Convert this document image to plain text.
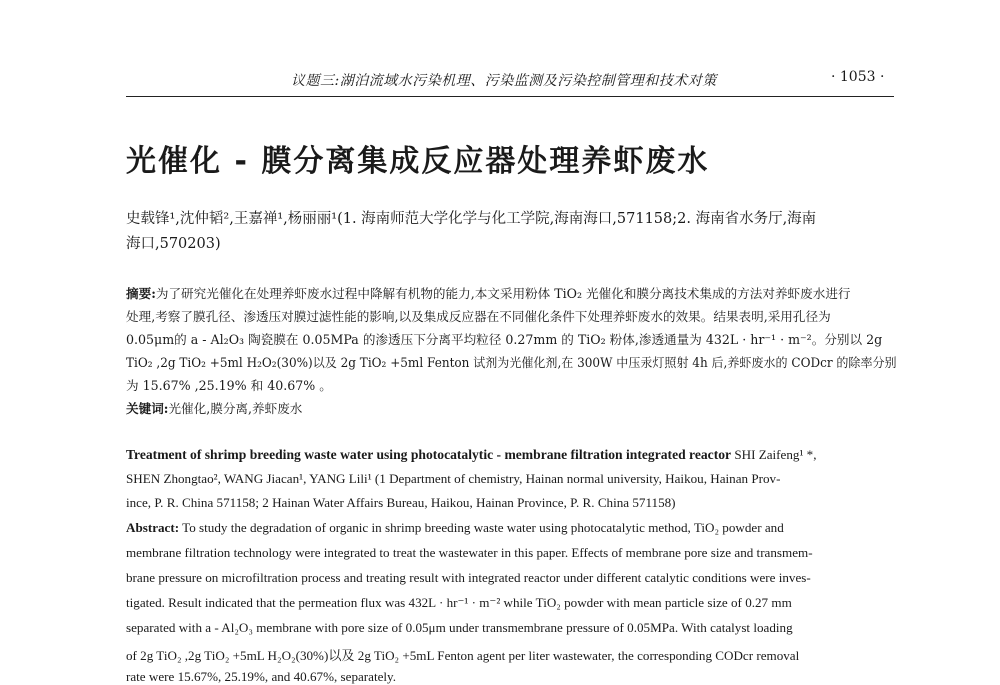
议题三:湖泊流域水污染机理、污染监测及污染控制管理和技术对策	· 1053 ·
光催化 - 膜分离集成反应器处理养虾废水
史载锋¹,沈仲韬²,王嘉禅¹,杨丽丽¹(1. 海南师范大学化学与化工学院,海南海口,571158;2. 海南省水务厅,海南
海口,570203)
摘要:为了研究光催化在处理养虾废水过程中降解有机物的能力,本文采用粉体 TiO₂ 光催化和膜分离技术集成的方法对养虾废水进行
处理,考察了膜孔径、渗透压对膜过滤性能的影响,以及集成反应器在不同催化条件下处理养虾废水的效果。结果表明,采用孔径为
0.05μm的 a - Al₂O₃ 陶瓷膜在 0.05MPa 的渗透压下分离平均粒径 0.27mm 的 TiO₂ 粉体,渗透通量为 432L · hr⁻¹ · m⁻²。分别以 2g
TiO₂ ,2g TiO₂ +5ml H₂O₂(30%)以及 2g TiO₂ +5ml Fenton 试剂为光催化剂,在 300W 中压汞灯照射 4h 后,养虾废水的 CODcr 的除率分别
为 15.67% ,25.19% 和 40.67% 。
关键词:光催化,膜分离,养虾废水
Treatment of shrimp breeding waste water using photocatalytic - membrane filtration integrated reactor SHI Zaifeng¹ *,
SHEN Zhongtao², WANG Jiacan¹, YANG Lili¹ (1 Department of chemistry, Hainan normal university, Haikou, Hainan Prov-
ince, P. R. China 571158; 2 Hainan Water Affairs Bureau, Haikou, Hainan Province, P. R. China 571158)
Abstract: To study the degradation of organic in shrimp breeding waste water using photocatalytic method, TiO₂ powder and
membrane filtration technology were integrated to treat the wastewater in this paper. Effects of membrane pore size and transmem-
brane pressure on microfiltration process and treating result with integrated reactor under different catalytic conditions were inves-
tigated. Result indicated that the permeation flux was 432L · hr⁻¹ · m⁻² while TiO₂ powder with mean particle size of 0.27 mm
separated with a - Al₂O₃ membrane with pore size of 0.05μm under transmembrane pressure of 0.05MPa. With catalyst loading
of 2g TiO₂ ,2g TiO₂ +5mL H₂O₂(30%)以及 2g TiO₂ +5mL Fenton agent per liter wastewater, the corresponding CODcr removal
rate were 15.67%, 25.19%, and 40.67%, separately.
